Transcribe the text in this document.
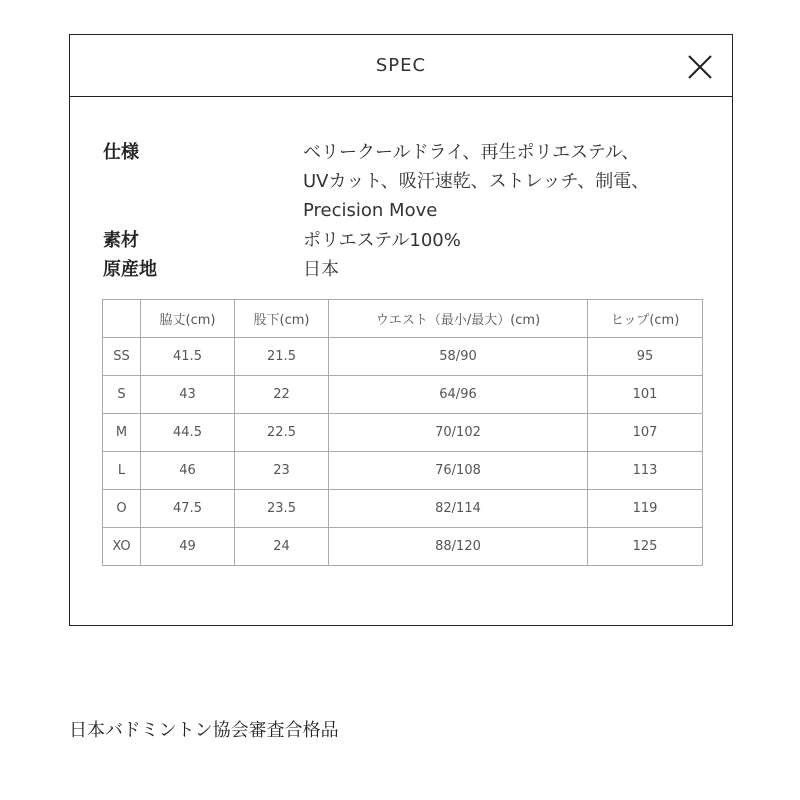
SPEC
仕様	ベリークールドライ、再生ポリエステル、
UVカット、吸汗速乾、ストレッチ、制電、
Precision Move
素材	ポリエステル100%
原産地	日本
	脇丈(cm)	股下(cm)	ウエスト（最小/最大）(cm)	ヒップ(cm)
SS	41.5	21.5	58/90	95
S	43	22	64/96	101
M	44.5	22.5	70/102	107
L	46	23	76/108	113
O	47.5	23.5	82/114	119
XO	49	24	88/120	125
日本バドミントン協会審査合格品
